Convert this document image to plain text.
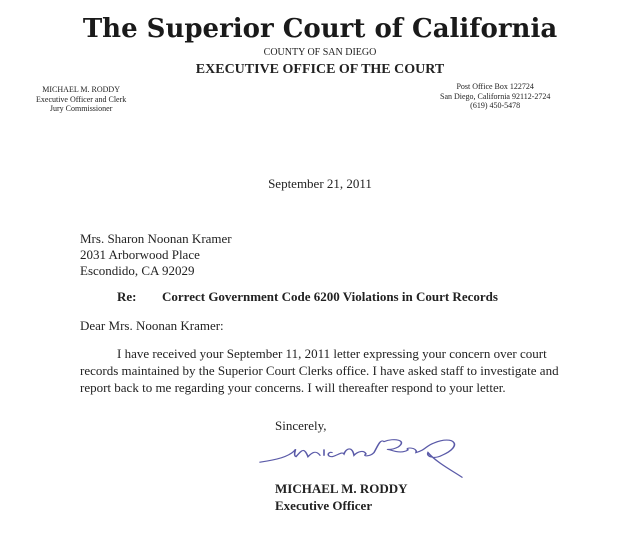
The Superior Court of California
COUNTY OF SAN DIEGO
EXECUTIVE OFFICE OF THE COURT
MICHAEL M. RODDY
Executive Officer and Clerk
Jury Commissioner
Post Office Box 122724
San Diego, California 92112-2724
(619) 450-5478
September 21, 2011
Mrs. Sharon Noonan Kramer
2031 Arborwood Place
Escondido, CA 92029
Re: Correct Government Code 6200 Violations in Court Records
Dear Mrs. Noonan Kramer:
I have received your September 11, 2011 letter expressing your concern over court records maintained by the Superior Court Clerks office. I have asked staff to investigate and report back to me regarding your concerns. I will thereafter respond to your letter.
Sincerely,
MICHAEL M. RODDY
Executive Officer
